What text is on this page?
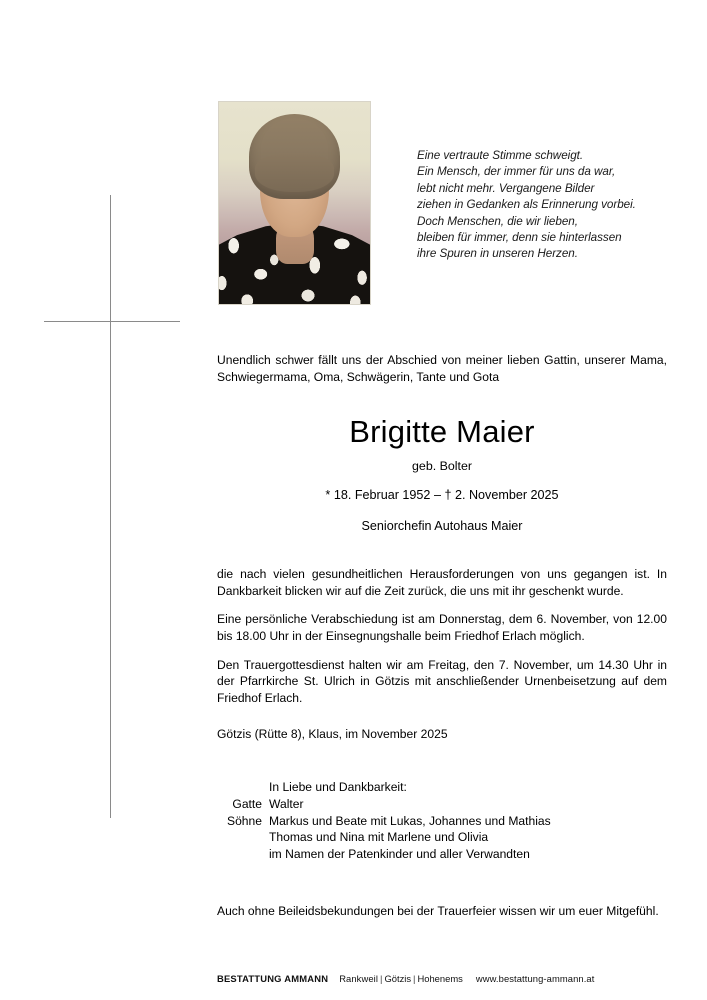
Eine vertraute Stimme schweigt.
Ein Mensch, der immer für uns da war,
lebt nicht mehr. Vergangene Bilder
ziehen in Gedanken als Erinnerung vorbei.
Doch Menschen, die wir lieben,
bleiben für immer, denn sie hinterlassen
ihre Spuren in unseren Herzen.

Unendlich schwer fällt uns der Abschied von meiner lieben Gattin, unserer Mama, Schwiegermama, Oma, Schwägerin, Tante und Gota

Brigitte Maier
geb. Bolter
* 18. Februar 1952 – † 2. November 2025
Seniorchefin Autohaus Maier

die nach vielen gesundheitlichen Herausforderungen von uns gegangen ist. In Dankbarkeit blicken wir auf die Zeit zurück, die uns mit ihr geschenkt wurde.

Eine persönliche Verabschiedung ist am Donnerstag, dem 6. November, von 12.00 bis 18.00 Uhr in der Einsegnungshalle beim Friedhof Erlach möglich.

Den Trauergottesdienst halten wir am Freitag, den 7. November, um 14.30 Uhr in der Pfarrkirche St. Ulrich in Götzis mit anschließender Urnenbeisetzung auf dem Friedhof Erlach.

Götzis (Rütte 8), Klaus, im November 2025
In Liebe und Dankbarkeit:
Gatte Walter
Söhne Markus und Beate mit Lukas, Johannes und Mathias
Thomas und Nina mit Marlene und Olivia
im Namen der Patenkinder und aller Verwandten
Auch ohne Beileidsbekundungen bei der Trauerfeier wissen wir um euer Mitgefühl.
BESTATTUNG AMMANN Rankweil | Götzis | Hohenems www.bestattung-ammann.at
